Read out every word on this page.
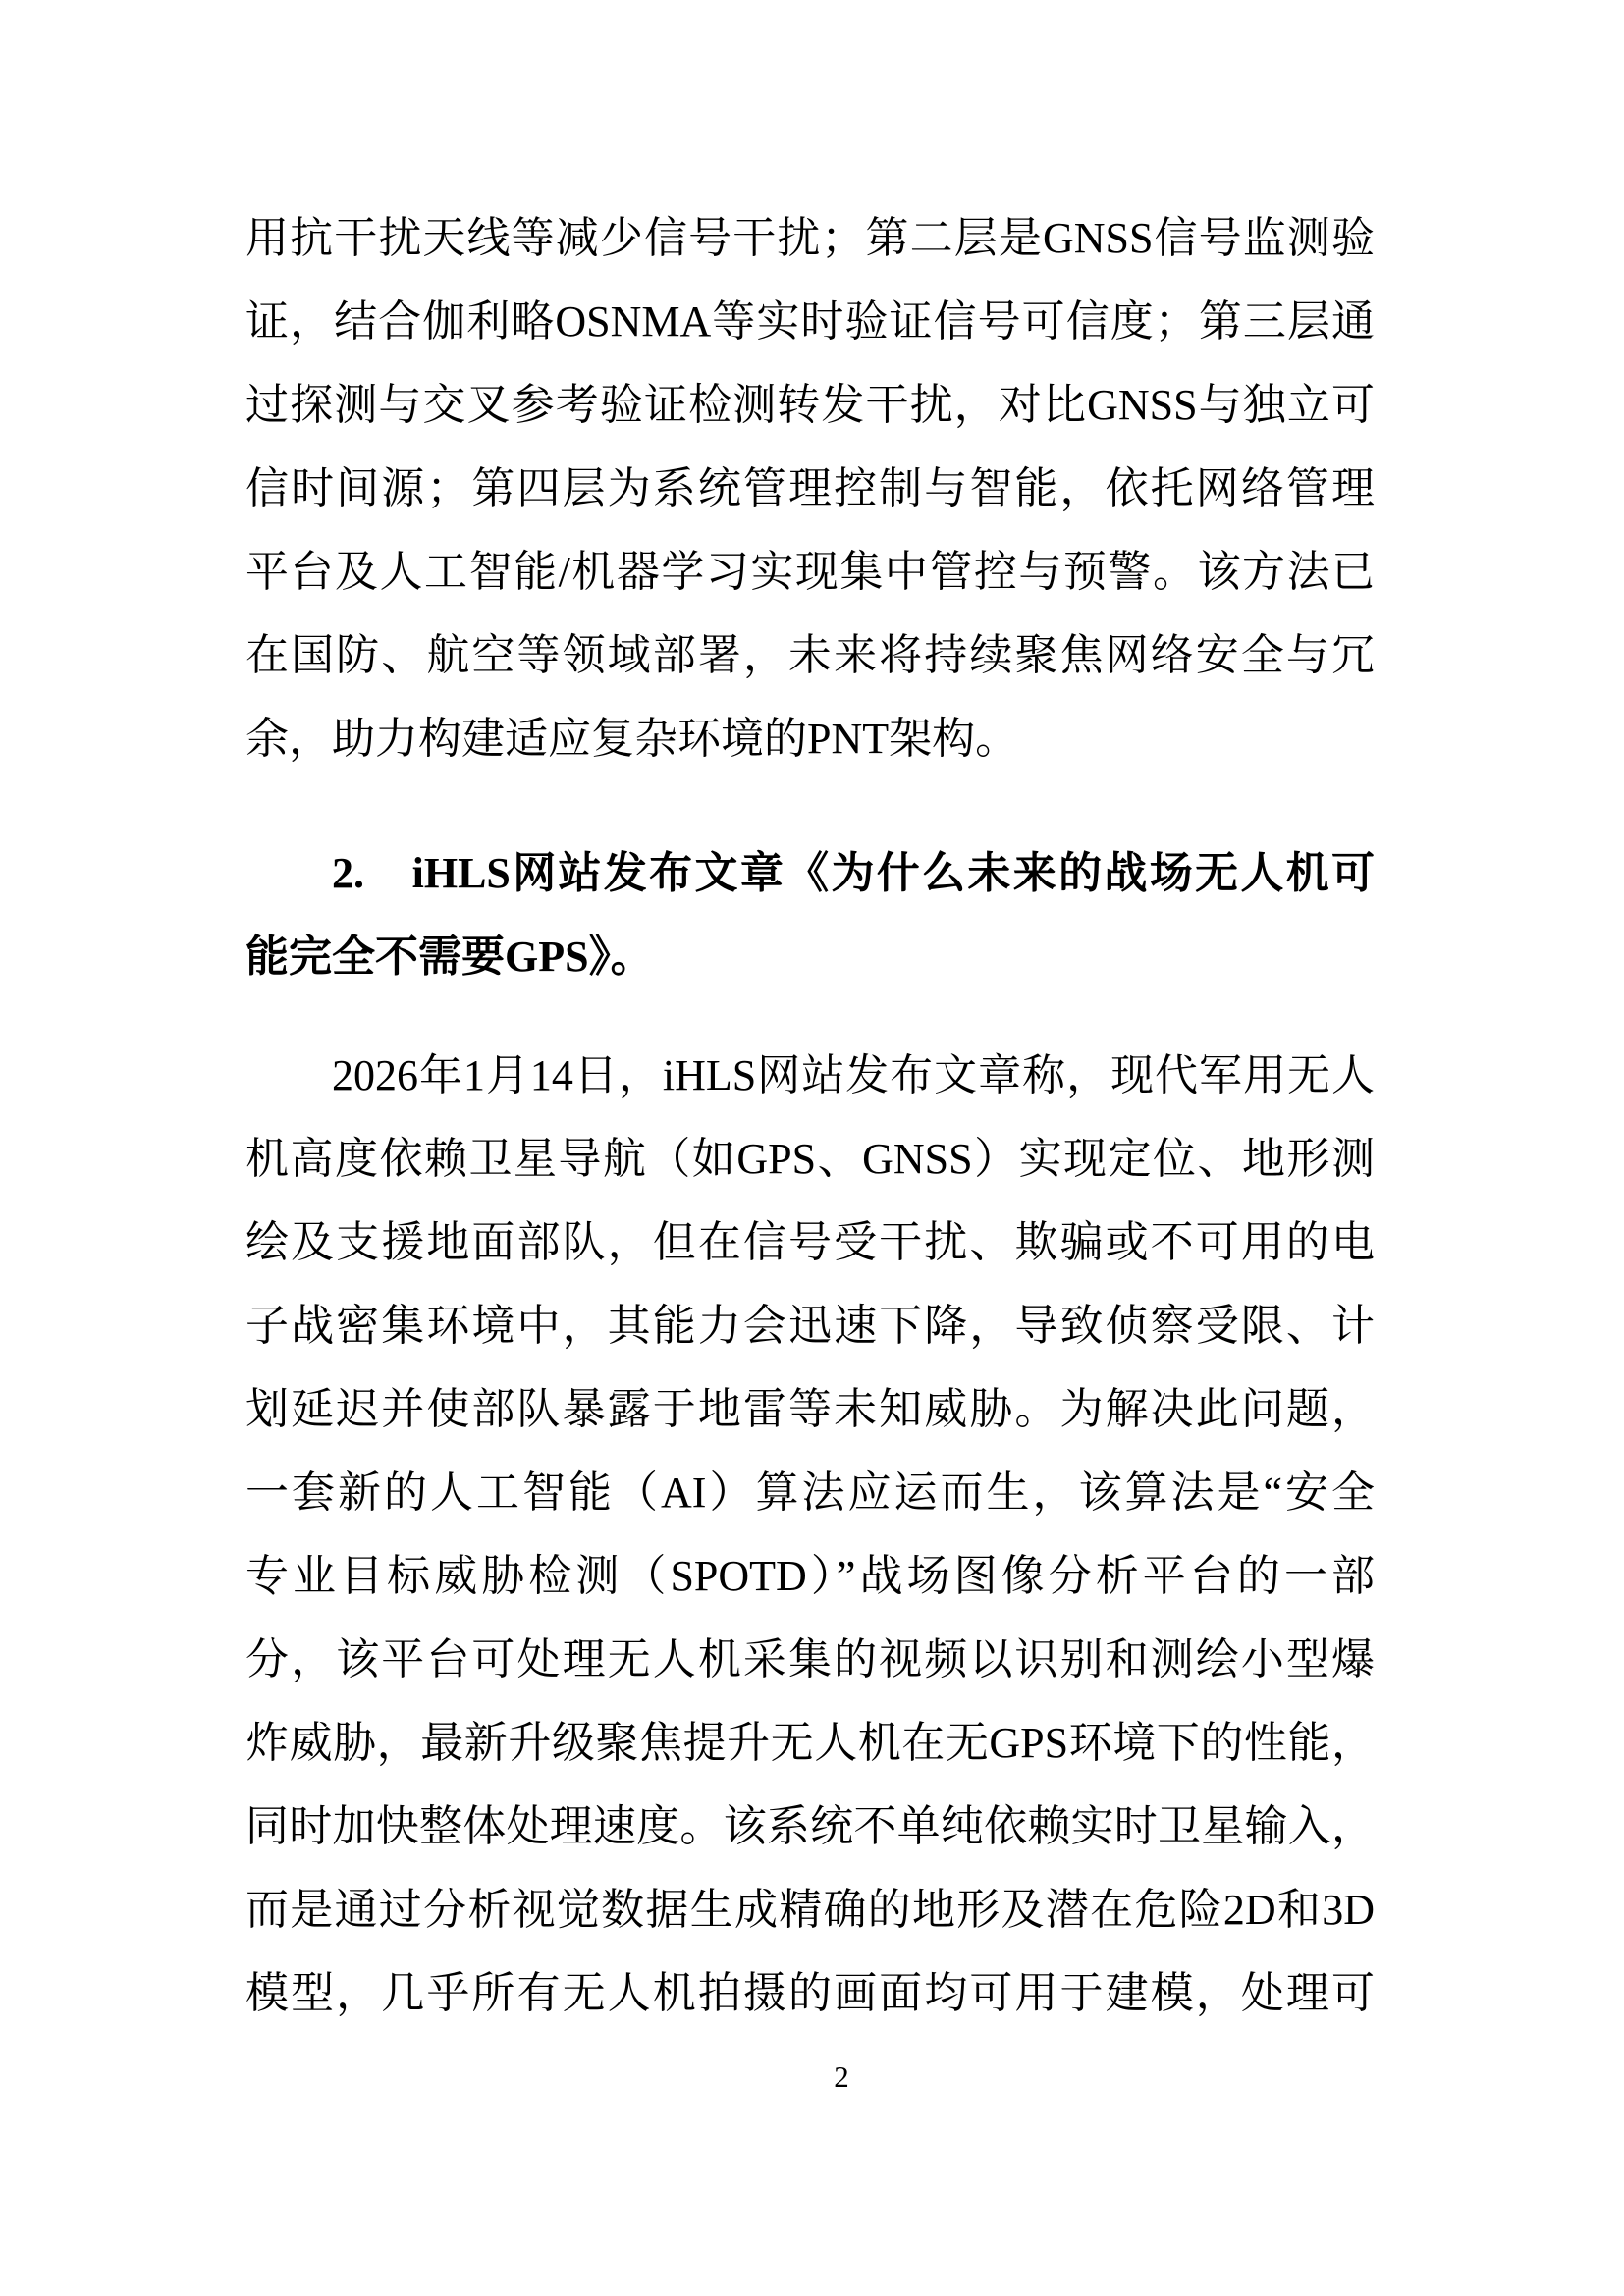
用抗干扰天线等减少信号干扰；第二层是GNSS信号监测验
证，结合伽利略OSNMA等实时验证信号可信度；第三层通
过探测与交叉参考验证检测转发干扰，对比GNSS与独立可
信时间源；第四层为系统管理控制与智能，依托网络管理
平台及人工智能/机器学习实现集中管控与预警。该方法已
在国防、航空等领域部署，未来将持续聚焦网络安全与冗
余，助力构建适应复杂环境的PNT架构。
2.　iHLS网站发布文章《为什么未来的战场无人机可
能完全不需要GPS》。
2026年1月14日，iHLS网站发布文章称，现代军用无人
机高度依赖卫星导航（如GPS、GNSS）实现定位、地形测
绘及支援地面部队，但在信号受干扰、欺骗或不可用的电
子战密集环境中，其能力会迅速下降，导致侦察受限、计
划延迟并使部队暴露于地雷等未知威胁。为解决此问题，
一套新的人工智能（AI）算法应运而生，该算法是“安全
专业目标威胁检测（SPOTD）”战场图像分析平台的一部
分，该平台可处理无人机采集的视频以识别和测绘小型爆
炸威胁，最新升级聚焦提升无人机在无GPS环境下的性能，
同时加快整体处理速度。该系统不单纯依赖实时卫星输入，
而是通过分析视觉数据生成精确的地形及潜在危险2D和3D
模型，几乎所有无人机拍摄的画面均可用于建模，处理可
2
